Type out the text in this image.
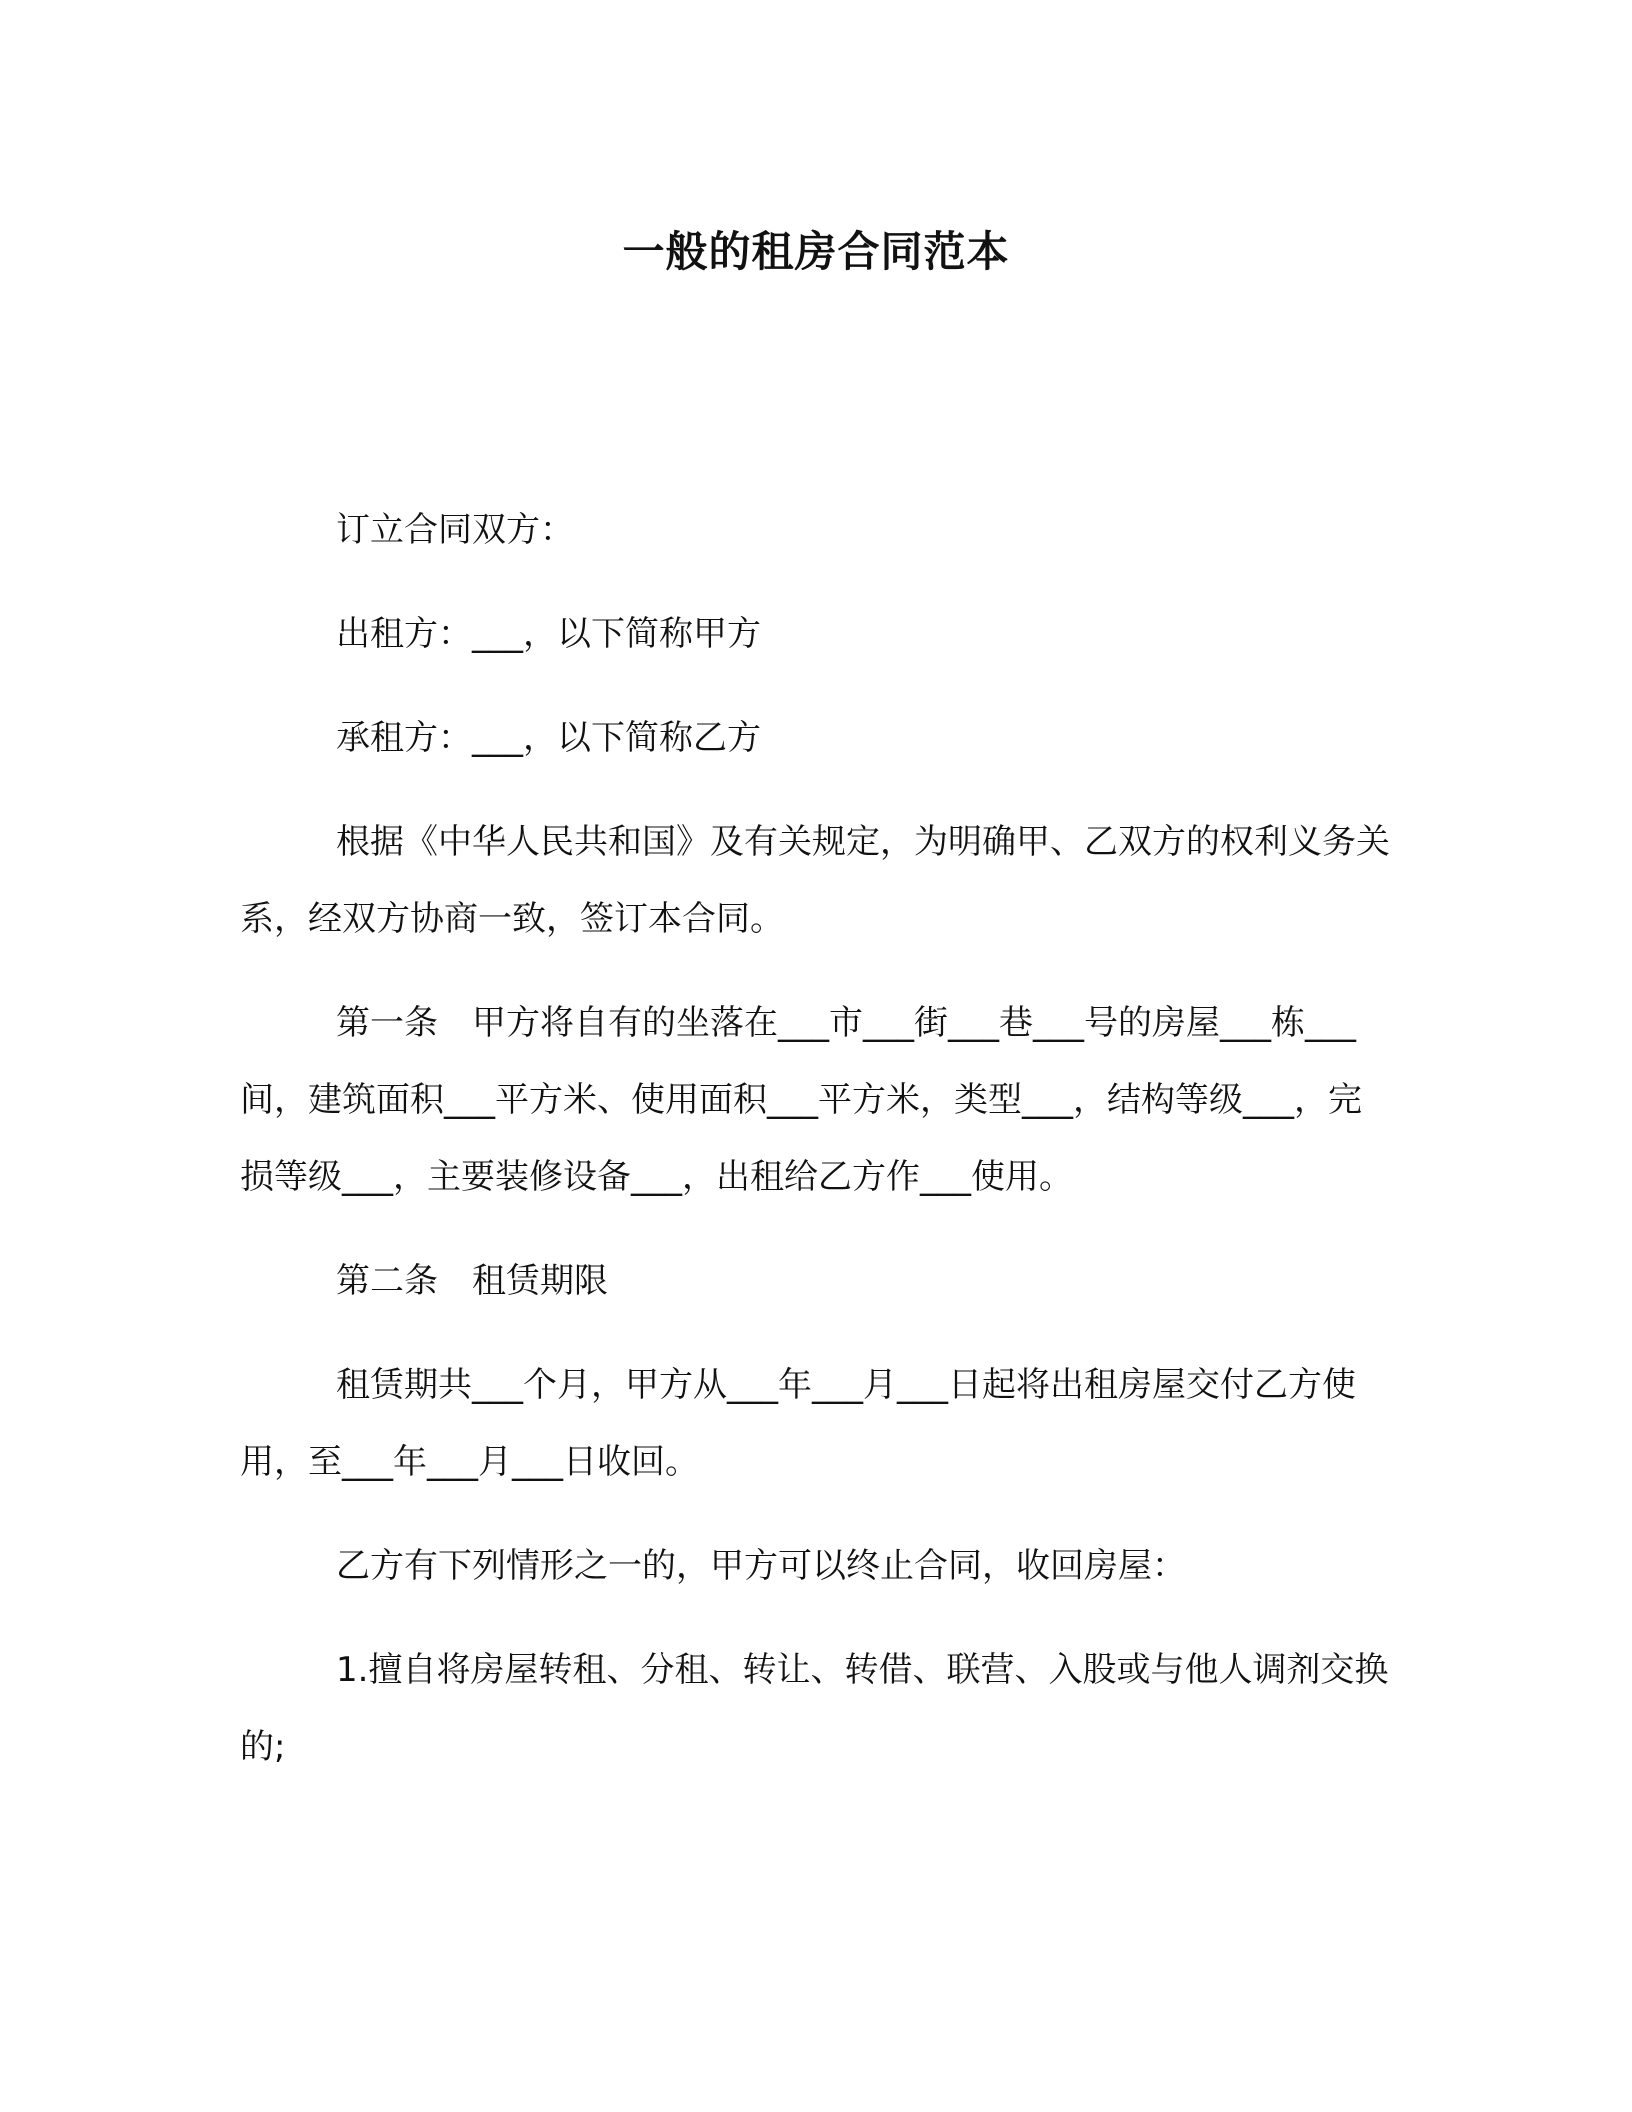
一般的租房合同范本

订立合同双方：

出租方：___，以下简称甲方

承租方：___，以下简称乙方

根据《中华人民共和国》及有关规定，为明确甲、乙双方的权利义务关系，经双方协商一致，签订本合同。

第一条　甲方将自有的坐落在___市___街___巷___号的房屋___栋___间，建筑面积___平方米、使用面积___平方米，类型___，结构等级___，完损等级___，主要装修设备___，出租给乙方作___使用。

第二条　租赁期限

租赁期共___个月，甲方从___年___月___日起将出租房屋交付乙方使用，至___年___月___日收回。

乙方有下列情形之一的，甲方可以终止合同，收回房屋：

1.擅自将房屋转租、分租、转让、转借、联营、入股或与他人调剂交换的;
